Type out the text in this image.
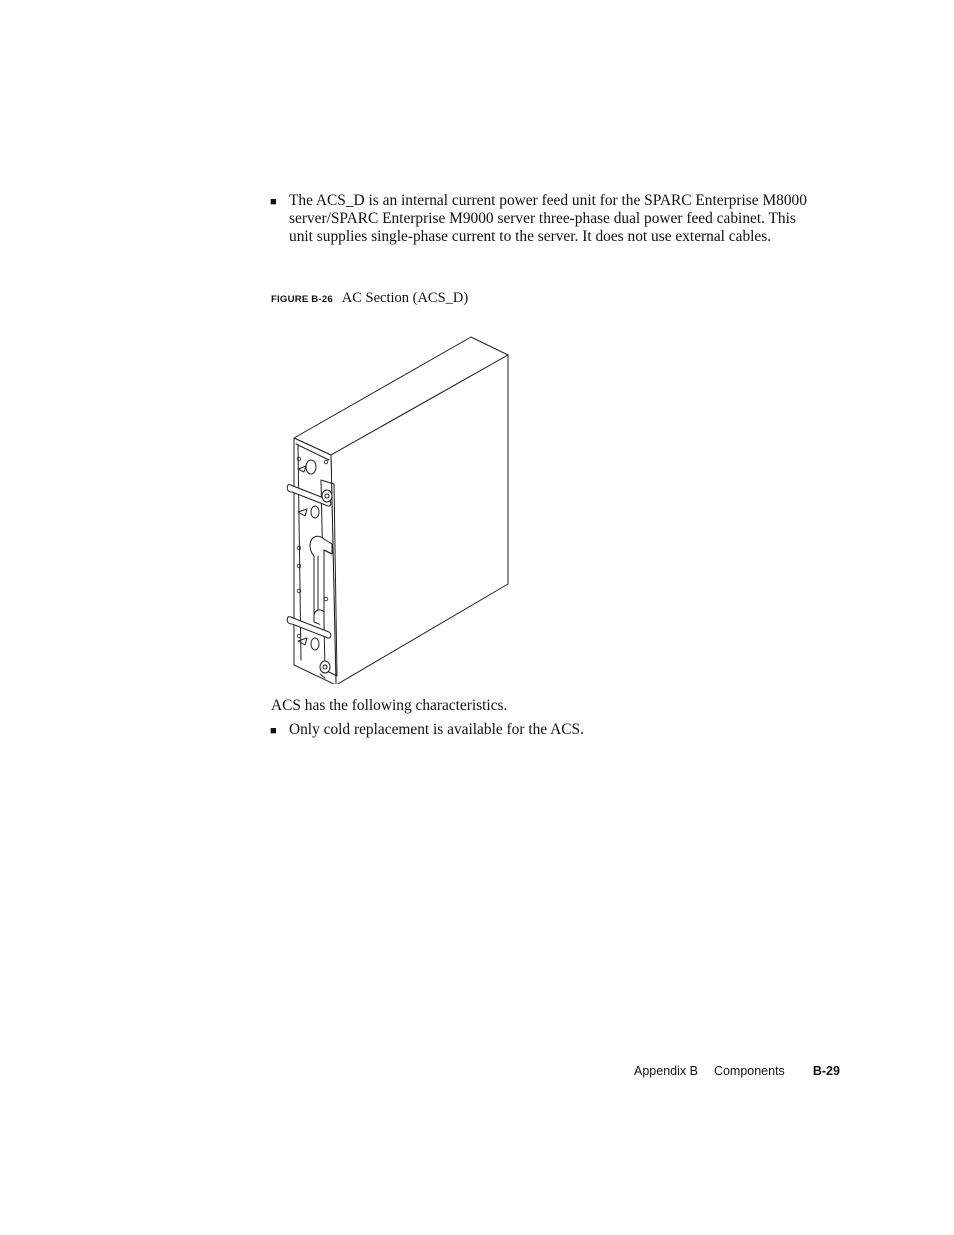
■ The ACS_D is an internal current power feed unit for the SPARC Enterprise M8000 server/SPARC Enterprise M9000 server three-phase dual power feed cabinet. This unit supplies single-phase current to the server. It does not use external cables.
FIGURE B-26 AC Section (ACS_D)
ACS has the following characteristics.
■ Only cold replacement is available for the ACS.
Appendix B Components B-29
